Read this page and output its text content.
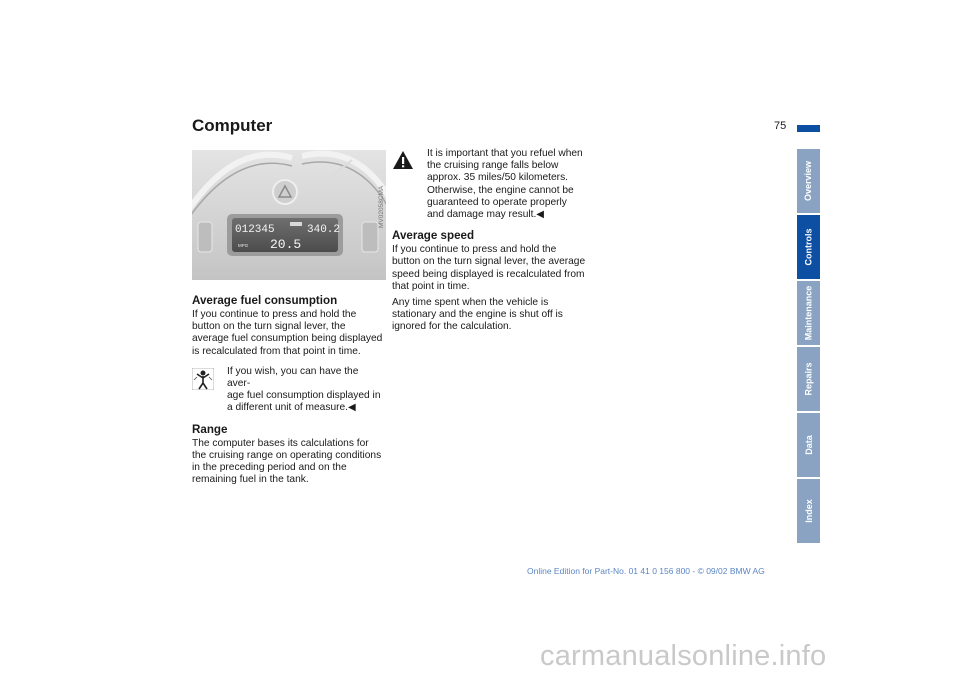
Computer	75
012345	340.2
MPG 20.5
MV02058CMA
Average fuel consumption

If you continue to press and hold the button on the turn signal lever, the average fuel consumption being displayed is recalculated from that point in time.

If you wish, you can have the aver-
age fuel consumption displayed in a different unit of measure.◀
Range

The computer bases its calculations for the cruising range on operating conditions in the preceding period and on the remaining fuel in the tank.

It is important that you refuel when
the cruising range falls below approx. 35 miles/50 kilometers. Otherwise, the engine cannot be guaranteed to operate properly and damage may result.◀
Average speed

If you continue to press and hold the button on the turn signal lever, the average speed being displayed is recalculated from that point in time.

Any time spent when the vehicle is stationary and the engine is shut off is ignored for the calculation.

Overview
Controls
Maintenance
Repairs
Data
Index
Online Edition for Part-No. 01 41 0 156 800 - © 09/02 BMW AG
carmanualsonline.info
